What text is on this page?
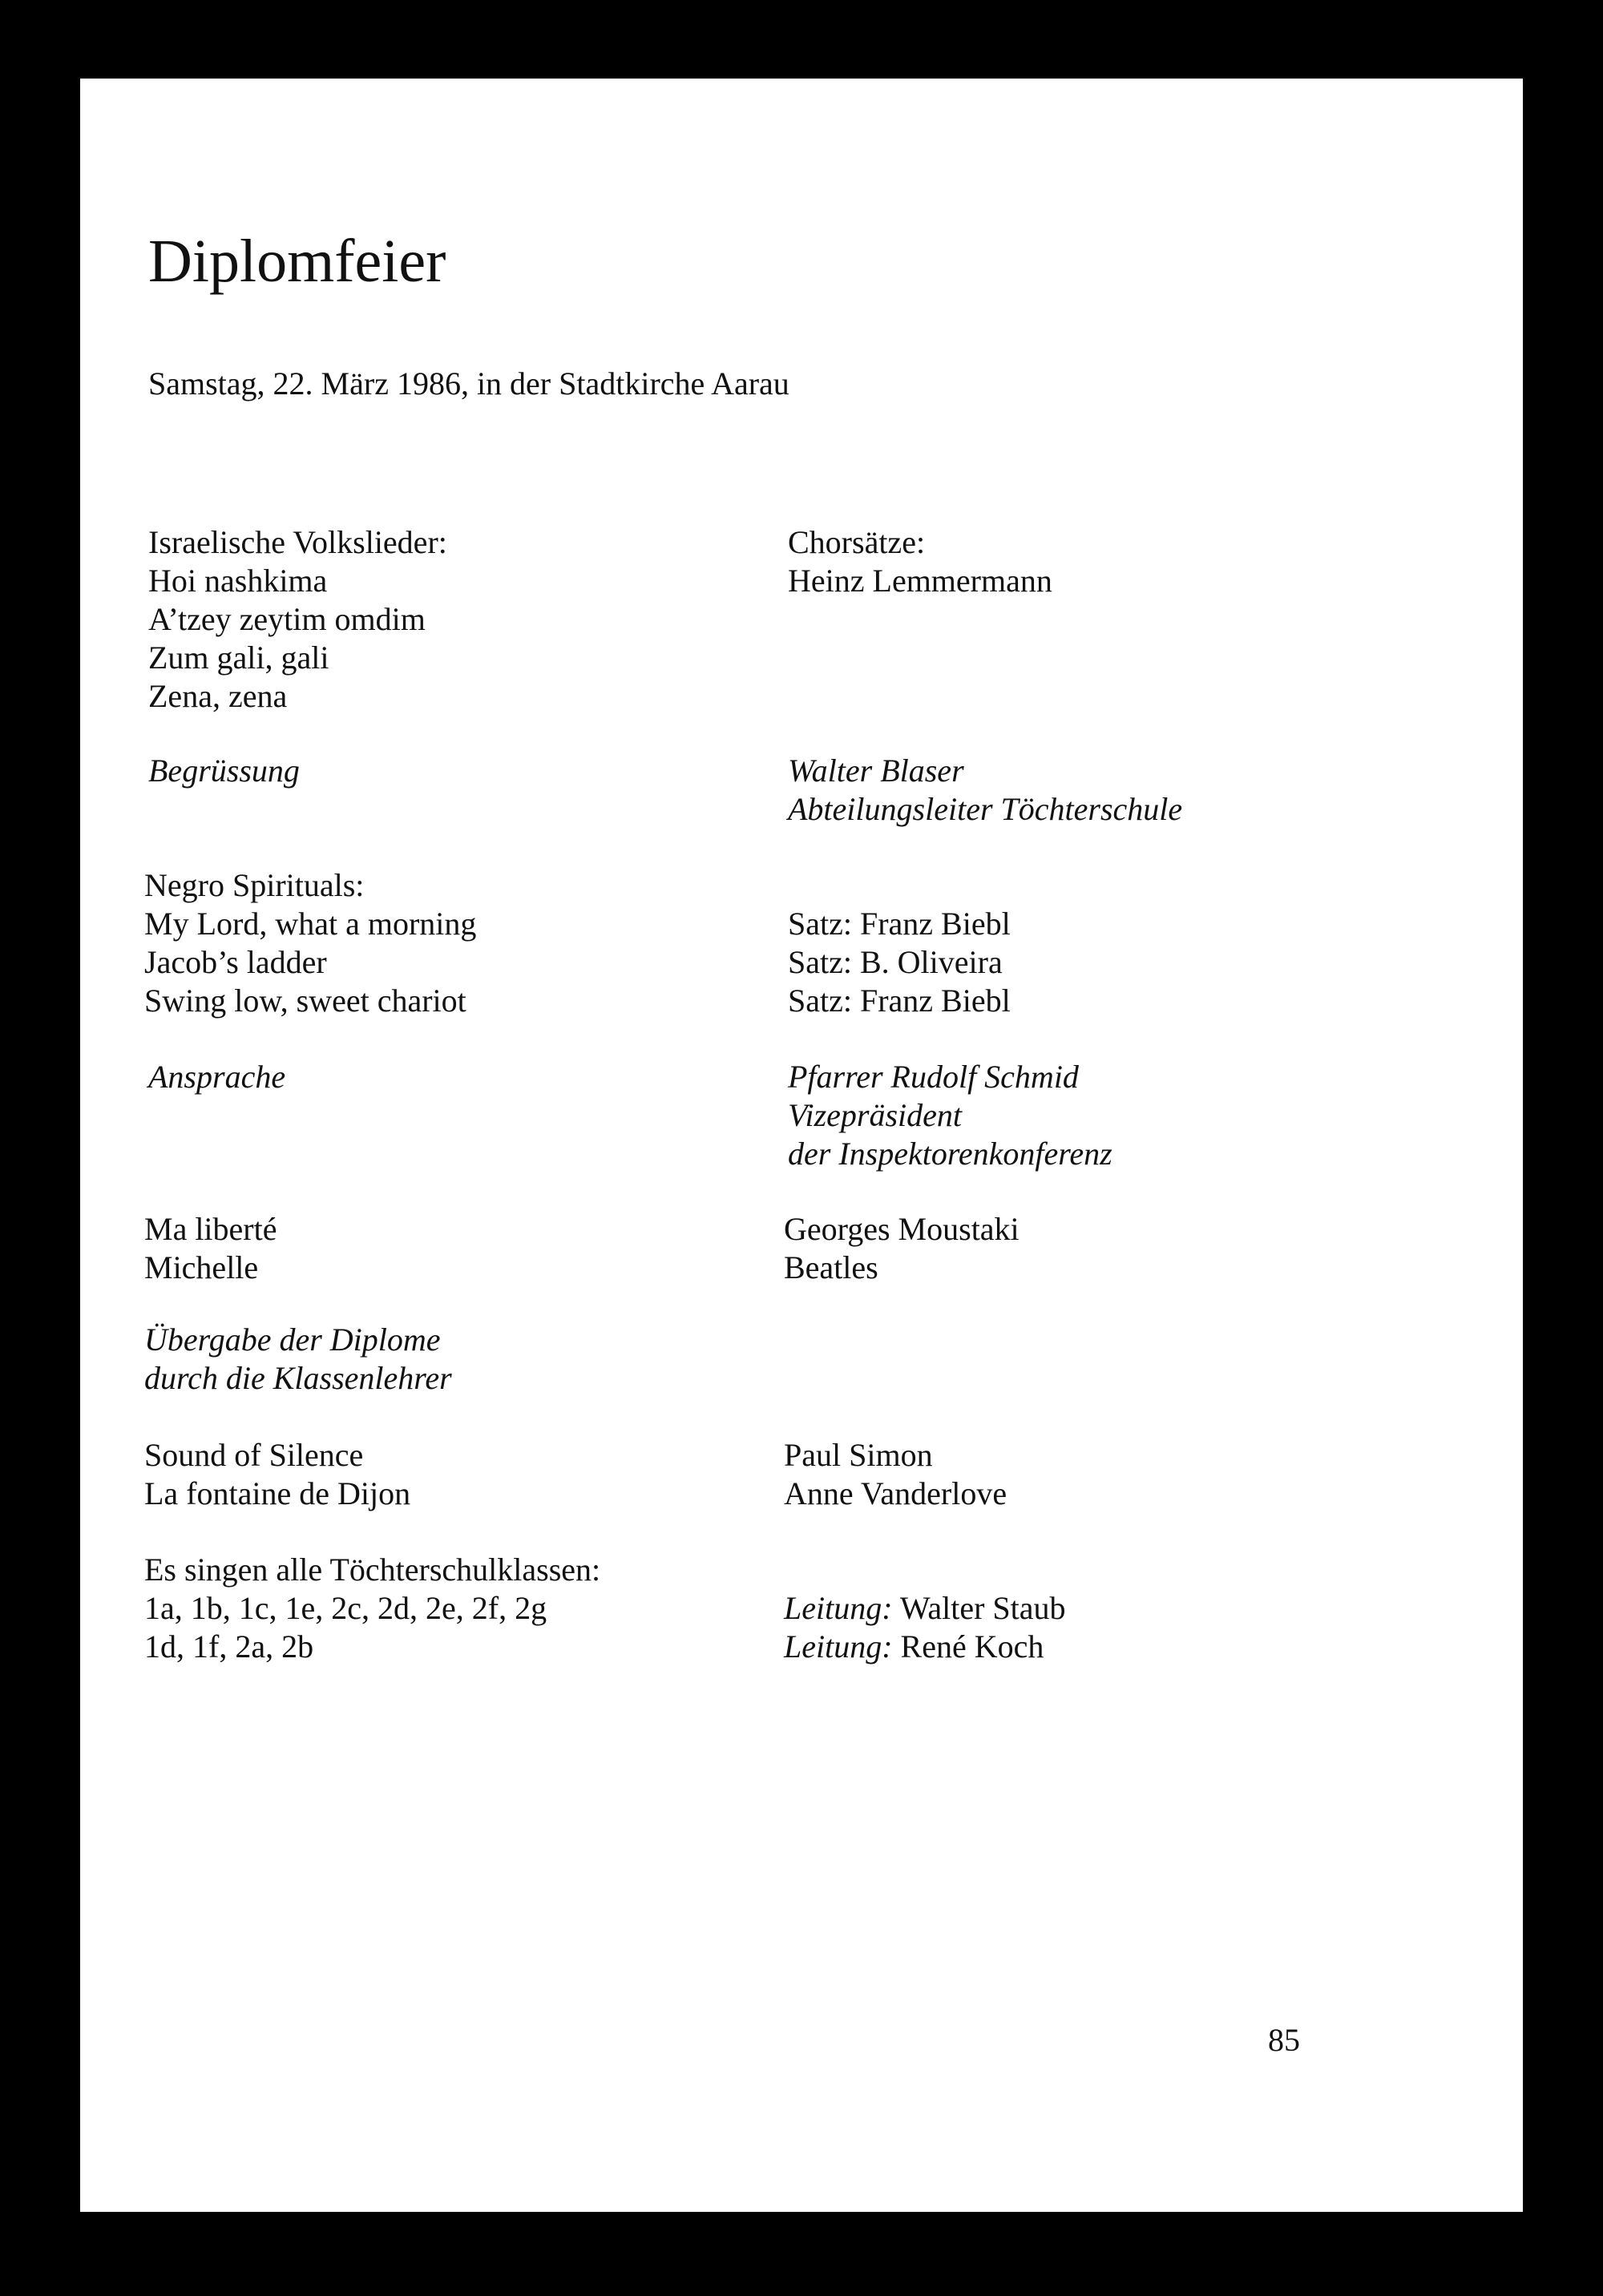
Diplomfeier
Samstag, 22. März 1986, in der Stadtkirche Aarau
Israelische Volkslieder:
Hoi nashkima
A’tzey zeytim omdim
Zum gali, gali
Zena, zena
Chorsätze:
Heinz Lemmermann
Begrüssung	Walter Blaser
Abteilungsleiter Töchterschule
Negro Spirituals:
My Lord, what a morning
Jacob’s ladder
Swing low, sweet chariot
Satz: Franz Biebl
Satz: B. Oliveira
Satz: Franz Biebl
Ansprache	Pfarrer Rudolf Schmid
Vizepräsident
der Inspektorenkonferenz
Ma liberté
Michelle
Georges Moustaki
Beatles
Übergabe der Diplome
durch die Klassenlehrer
Sound of Silence
La fontaine de Dijon
Paul Simon
Anne Vanderlove
Es singen alle Töchterschulklassen:
1a, 1b, 1c, 1e, 2c, 2d, 2e, 2f, 2g
1d, 1f, 2a, 2b
Leitung: Walter Staub
Leitung: René Koch
85
